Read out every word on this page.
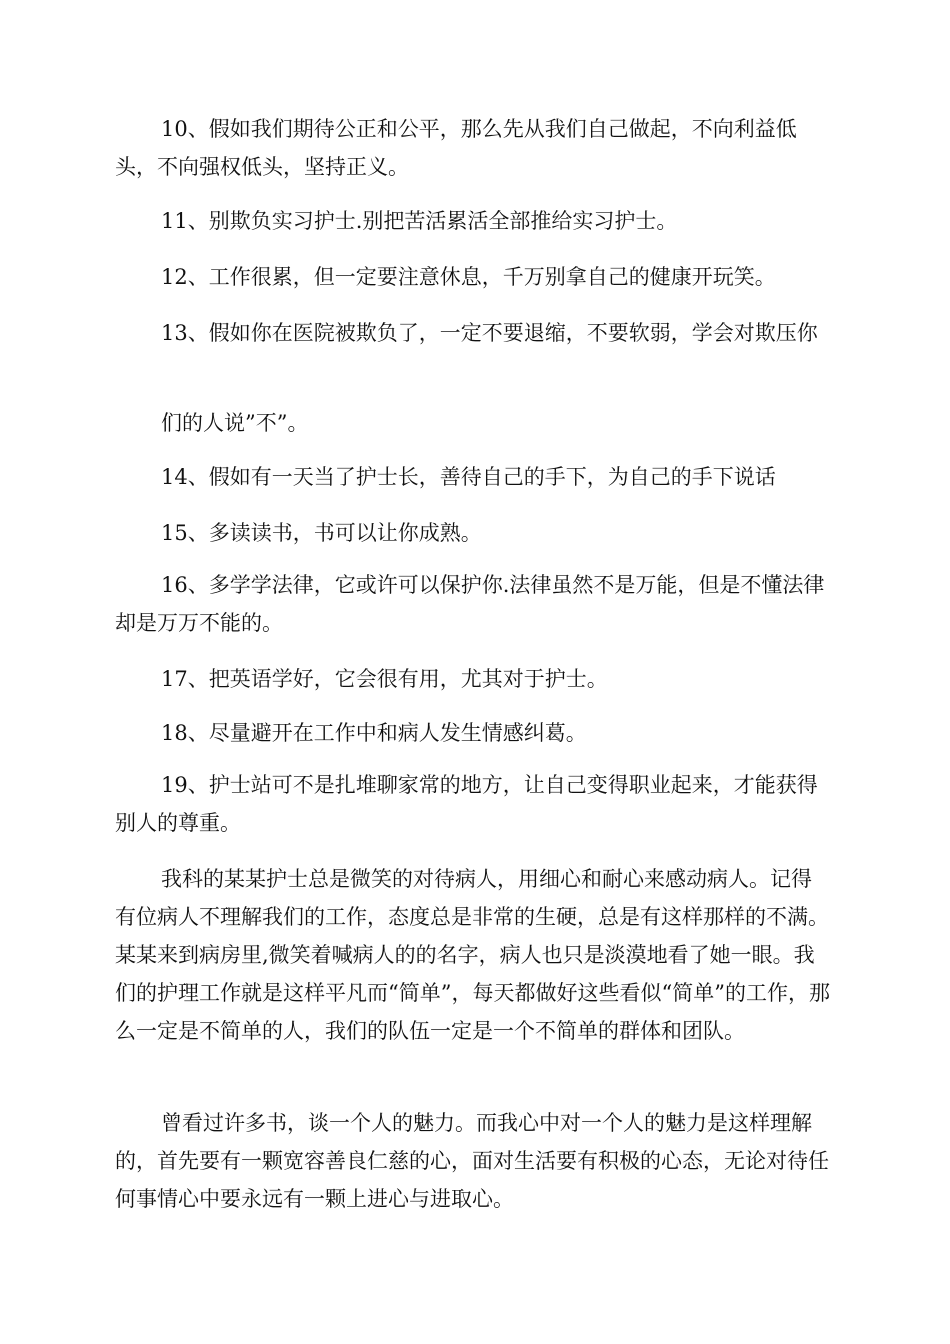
10、假如我们期待公正和公平，那么先从我们自己做起，不向利益低头，不向强权低头，坚持正义。

11、别欺负实习护士.别把苦活累活全部推给实习护士。

12、工作很累，但一定要注意休息，千万别拿自己的健康开玩笑。

13、假如你在医院被欺负了，一定不要退缩，不要软弱，学会对欺压你

们的人说”不”。

14、假如有一天当了护士长，善待自己的手下，为自己的手下说话

15、多读读书，书可以让你成熟。

16、多学学法律，它或许可以保护你.法律虽然不是万能，但是不懂法律却是万万不能的。

17、把英语学好，它会很有用，尤其对于护士。

18、尽量避开在工作中和病人发生情感纠葛。

19、护士站可不是扎堆聊家常的地方，让自己变得职业起来，才能获得别人的尊重。

我科的某某护士总是微笑的对待病人，用细心和耐心来感动病人。记得有位病人不理解我们的工作，态度总是非常的生硬，总是有这样那样的不满。某某来到病房里,微笑着喊病人的的名字，病人也只是淡漠地看了她一眼。我们的护理工作就是这样平凡而“简单”，每天都做好这些看似“简单”的工作，那么一定是不简单的人，我们的队伍一定是一个不简单的群体和团队。

曾看过许多书，谈一个人的魅力。而我心中对一个人的魅力是这样理解的，首先要有一颗宽容善良仁慈的心，面对生活要有积极的心态，无论对待任何事情心中要永远有一颗上进心与进取心。
